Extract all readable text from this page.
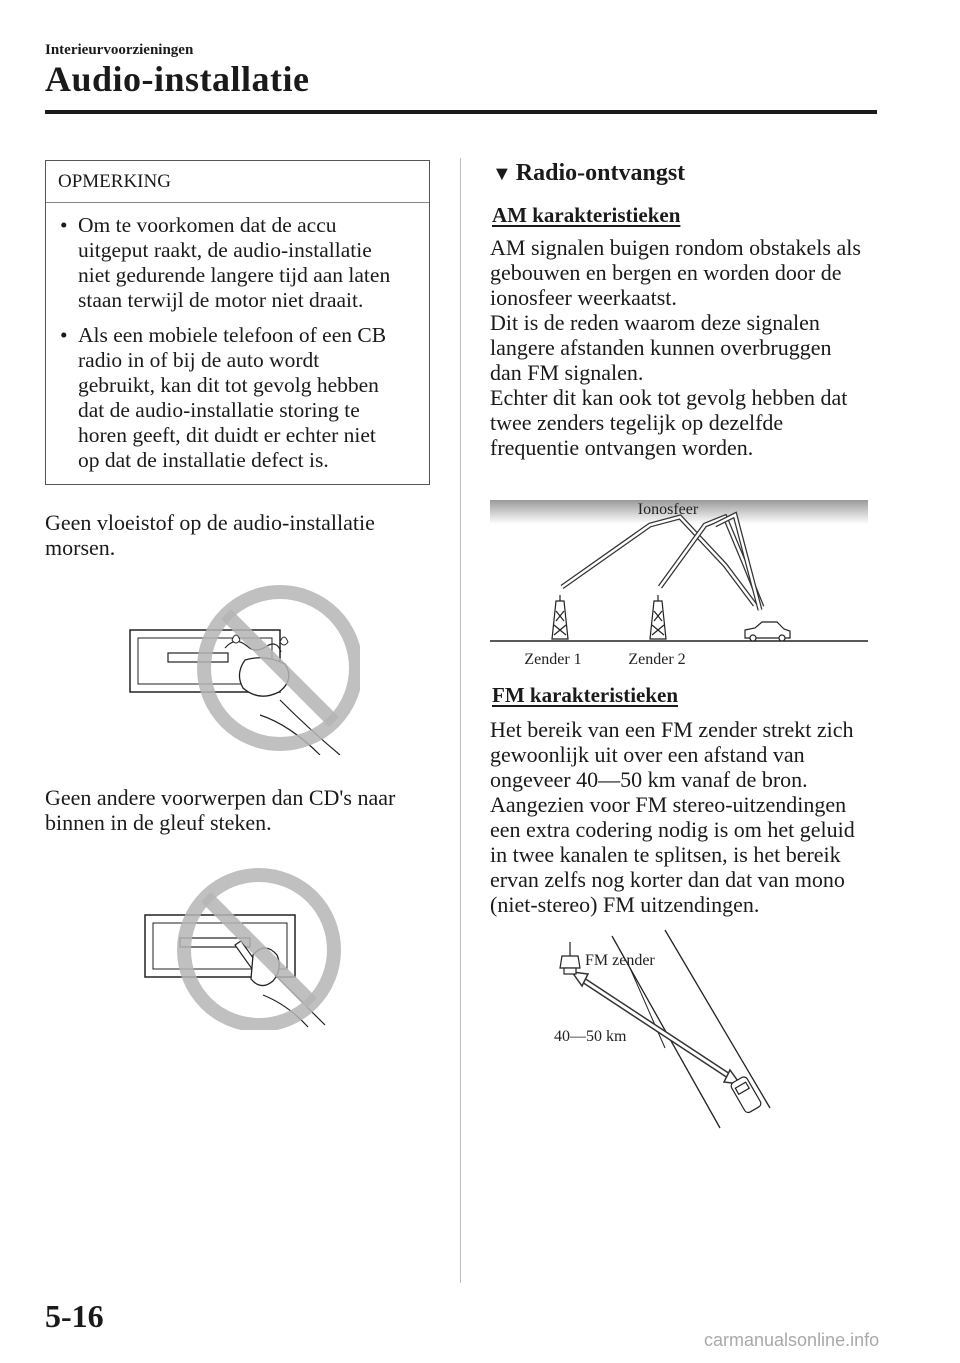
Interieurvoorzieningen
Audio-installatie
OPMERKING
• Om te voorkomen dat de accu
uitgeput raakt, de audio-installatie
niet gedurende langere tijd aan laten
staan terwijl de motor niet draait.
• Als een mobiele telefoon of een CB
radio in of bij de auto wordt
gebruikt, kan dit tot gevolg hebben
dat de audio-installatie storing te
horen geeft, dit duidt er echter niet
op dat de installatie defect is.

Geen vloeistof op de audio-installatie
morsen.

Geen andere voorwerpen dan CD's naar
binnen in de gleuf steken.

▼ Radio-ontvangst
AM karakteristieken

AM signalen buigen rondom obstakels als
gebouwen en bergen en worden door de
ionosfeer weerkaatst.
Dit is de reden waarom deze signalen
langere afstanden kunnen overbruggen
dan FM signalen.
Echter dit kan ook tot gevolg hebben dat
twee zenders tegelijk op dezelfde
frequentie ontvangen worden.

Ionosfeer
Zender 1	Zender 2
FM karakteristieken

Het bereik van een FM zender strekt zich
gewoonlijk uit over een afstand van
ongeveer 40―50 km vanaf de bron.
Aangezien voor FM stereo-uitzendingen
een extra codering nodig is om het geluid
in twee kanalen te splitsen, is het bereik
ervan zelfs nog korter dan dat van mono
(niet-stereo) FM uitzendingen.

FM zender
40―50 km
5-16
carmanualsonline.info
